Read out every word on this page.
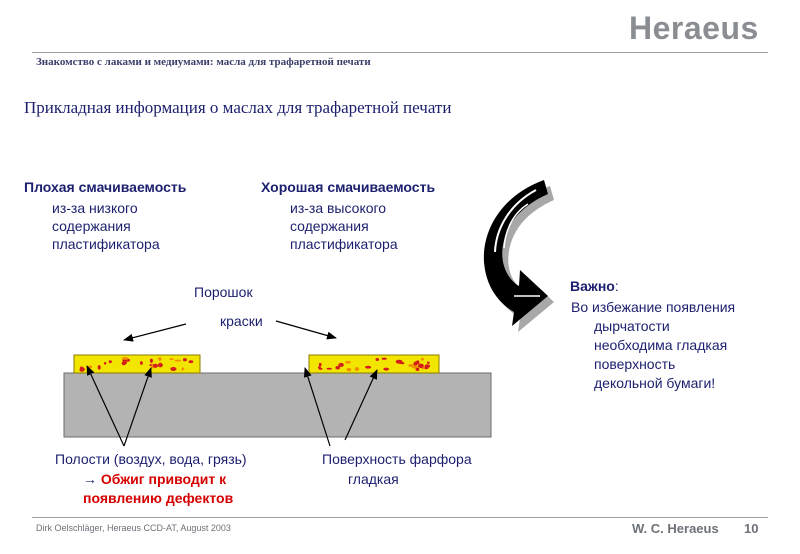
Heraeus
Знакомство с лаками и медиумами: масла для трафаретной печати
Прикладная информация о маслах для трафаретной печати
Плохая смачиваемость
из-за низкого
содержания
пластификатора
Хорошая смачиваемость
из-за высокого
содержания
пластификатора
Порошок
краски
Важно:
Во избежание появления
дырчатости
необходима гладкая
поверхность
декольной бумаги!
Полости (воздух, вода, грязь)
→ Обжиг приводит к
появлению дефектов
Поверхность фарфора
гладкая
Dirk Oelschläger, Heraeus CCD-AT, August 2003	W. C. Heraeus 10
